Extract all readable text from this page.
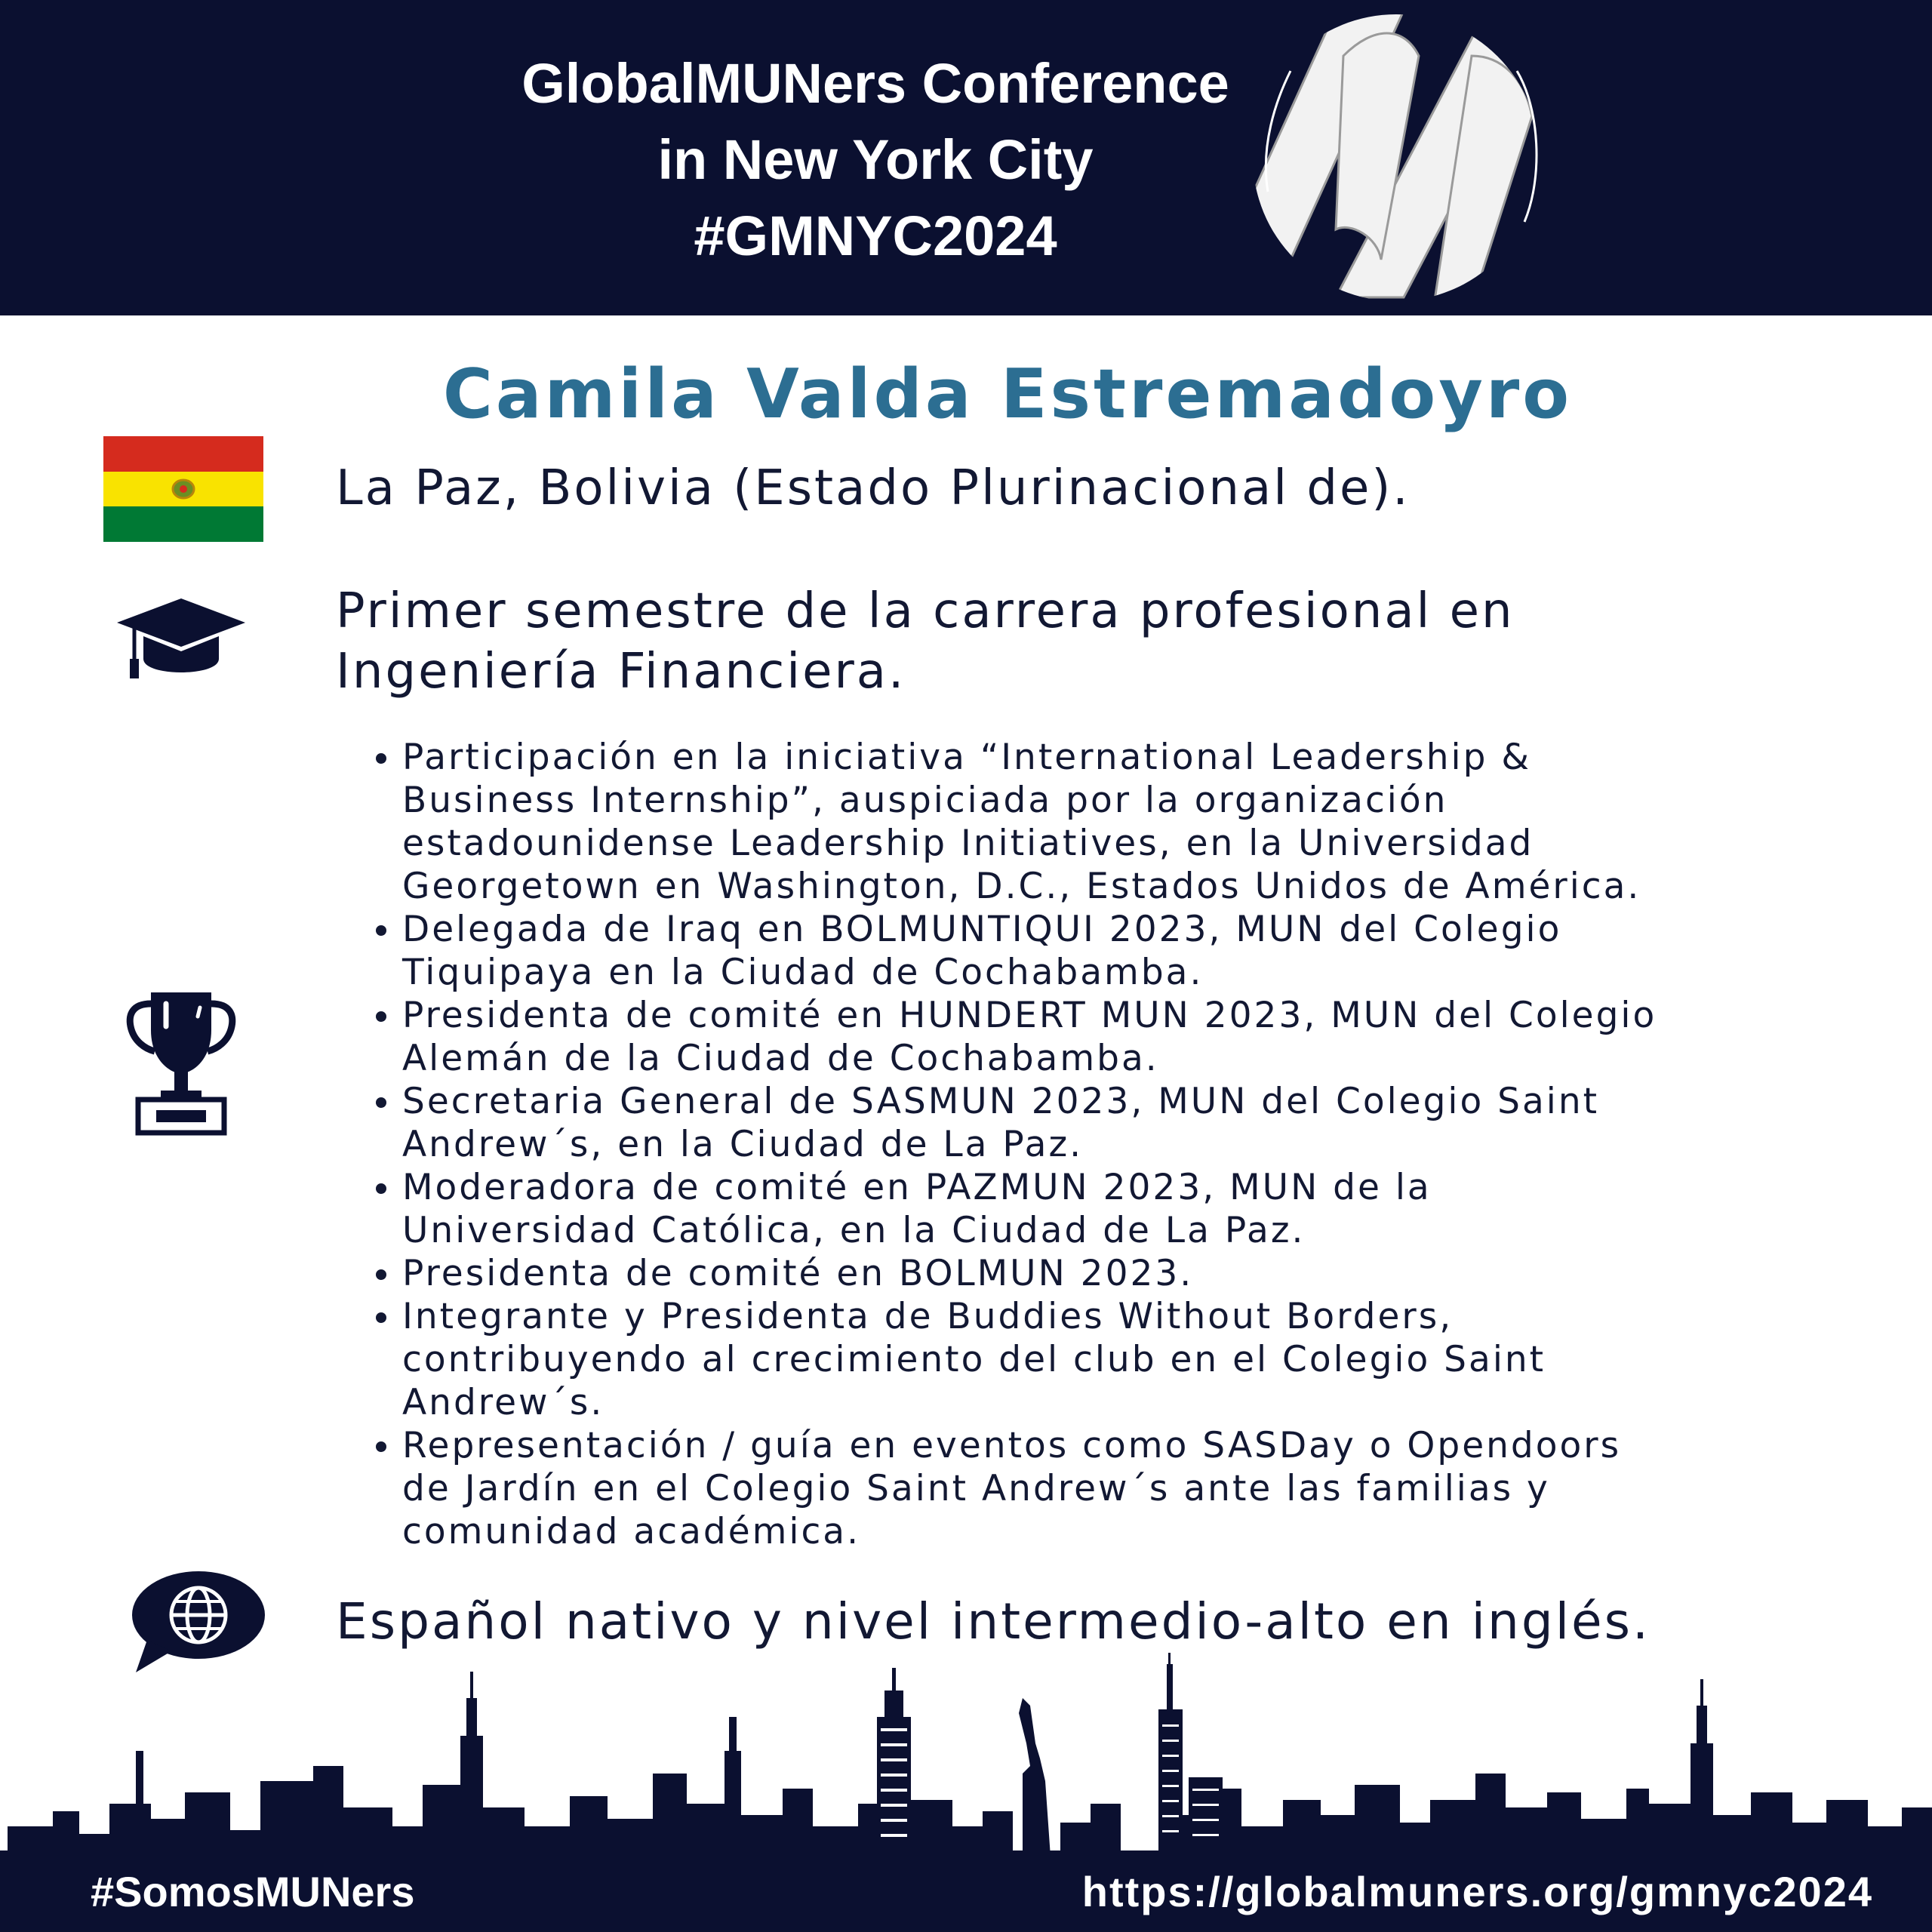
GlobalMUNers Conference
in New York City
#GMNYC2024
Camila Valda Estremadoyro
La Paz, Bolivia (Estado Plurinacional de).
Primer semestre de la carrera profesional en
Ingeniería Financiera.
• Participación en la iniciativa “International Leadership &
Business Internship”, auspiciada por la organización
estadounidense Leadership Initiatives, en la Universidad
Georgetown en Washington, D.C., Estados Unidos de América.
• Delegada de Iraq en BOLMUNTIQUI 2023, MUN del Colegio
Tiquipaya en la Ciudad de Cochabamba.
• Presidenta de comité en HUNDERT MUN 2023, MUN del Colegio
Alemán de la Ciudad de Cochabamba.
• Secretaria General de SASMUN 2023, MUN del Colegio Saint
Andrew´s, en la Ciudad de La Paz.
• Moderadora de comité en PAZMUN 2023, MUN de la
Universidad Católica, en la Ciudad de La Paz.
• Presidenta de comité en BOLMUN 2023.
• Integrante y Presidenta de Buddies Without Borders,
contribuyendo al crecimiento del club en el Colegio Saint
Andrew´s.
• Representación / guía en eventos como SASDay o Opendoors
de Jardín en el Colegio Saint Andrew´s ante las familias y
comunidad académica.
Español nativo y nivel intermedio-alto en inglés.
#SomosMUNers	https://globalmuners.org/gmnyc2024
